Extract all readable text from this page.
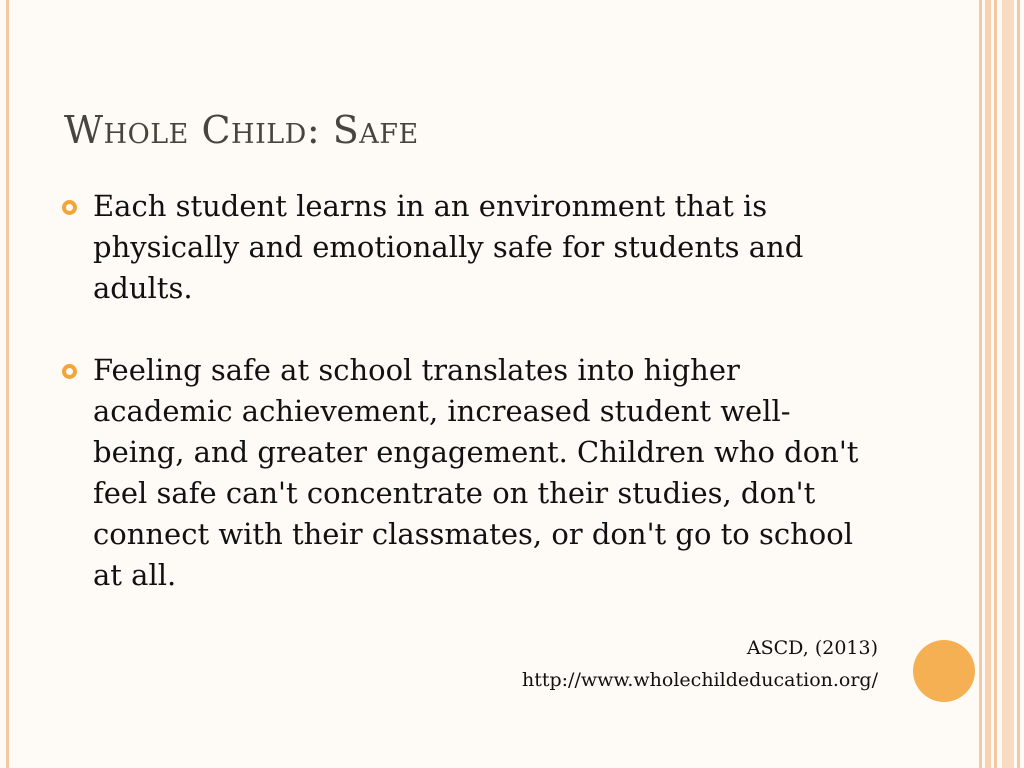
Whole Child: Safe
Each student learns in an environment that is physically and emotionally safe for students and adults.
Feeling safe at school translates into higher academic achievement, increased student well-being, and greater engagement. Children who don't feel safe can't concentrate on their studies, don't connect with their classmates, or don't go to school at all.
ASCD, (2013)
http://www.wholechildeducation.org/
